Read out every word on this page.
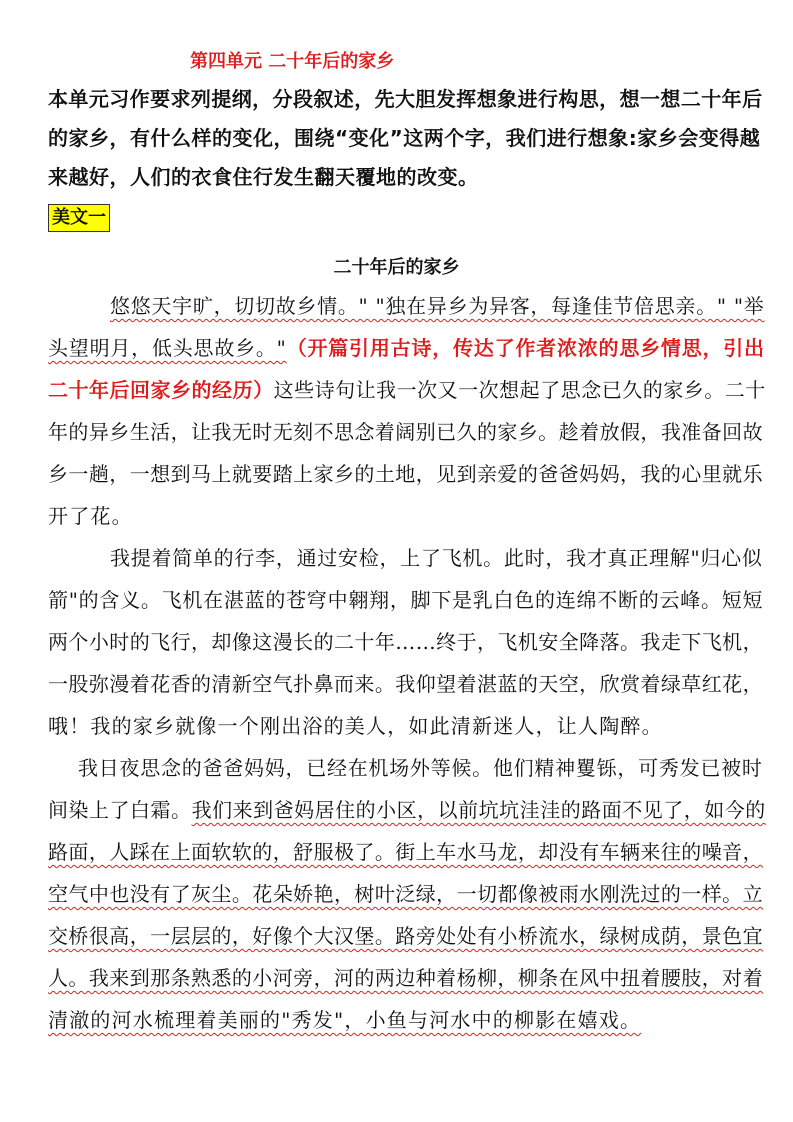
第四单元 二十年后的家乡
本单元习作要求列提纲，分段叙述，先大胆发挥想象进行构思，想一想二十年后
的家乡，有什么样的变化，围绕“变化”这两个字，我们进行想象:家乡会变得越
来越好，人们的衣食住行发生翻天覆地的改变。
美文一
二十年后的家乡
悠悠天宇旷，切切故乡情。" "独在异乡为异客，每逢佳节倍思亲。" "举
头望明月，低头思故乡。"（开篇引用古诗，传达了作者浓浓的思乡情思，引出
二十年后回家乡的经历）这些诗句让我一次又一次想起了思念已久的家乡。二十
年的异乡生活，让我无时无刻不思念着阔别已久的家乡。趁着放假，我准备回故
乡一趟，一想到马上就要踏上家乡的土地，见到亲爱的爸爸妈妈，我的心里就乐
开了花。
我提着简单的行李，通过安检，上了飞机。此时，我才真正理解"归心似
箭"的含义。飞机在湛蓝的苍穹中翱翔，脚下是乳白色的连绵不断的云峰。短短
两个小时的飞行，却像这漫长的二十年……终于，飞机安全降落。我走下飞机，
一股弥漫着花香的清新空气扑鼻而来。我仰望着湛蓝的天空，欣赏着绿草红花，
哦！我的家乡就像一个刚出浴的美人，如此清新迷人，让人陶醉。
我日夜思念的爸爸妈妈，已经在机场外等候。他们精神矍铄，可秀发已被时
间染上了白霜。我们来到爸妈居住的小区，以前坑坑洼洼的路面不见了，如今的
路面，人踩在上面软软的，舒服极了。街上车水马龙，却没有车辆来往的噪音，
空气中也没有了灰尘。花朵娇艳，树叶泛绿，一切都像被雨水刚洗过的一样。立
交桥很高，一层层的，好像个大汉堡。路旁处处有小桥流水，绿树成荫，景色宜
人。我来到那条熟悉的小河旁，河的两边种着杨柳，柳条在风中扭着腰肢，对着
清澈的河水梳理着美丽的"秀发"，小鱼与河水中的柳影在嬉戏。
